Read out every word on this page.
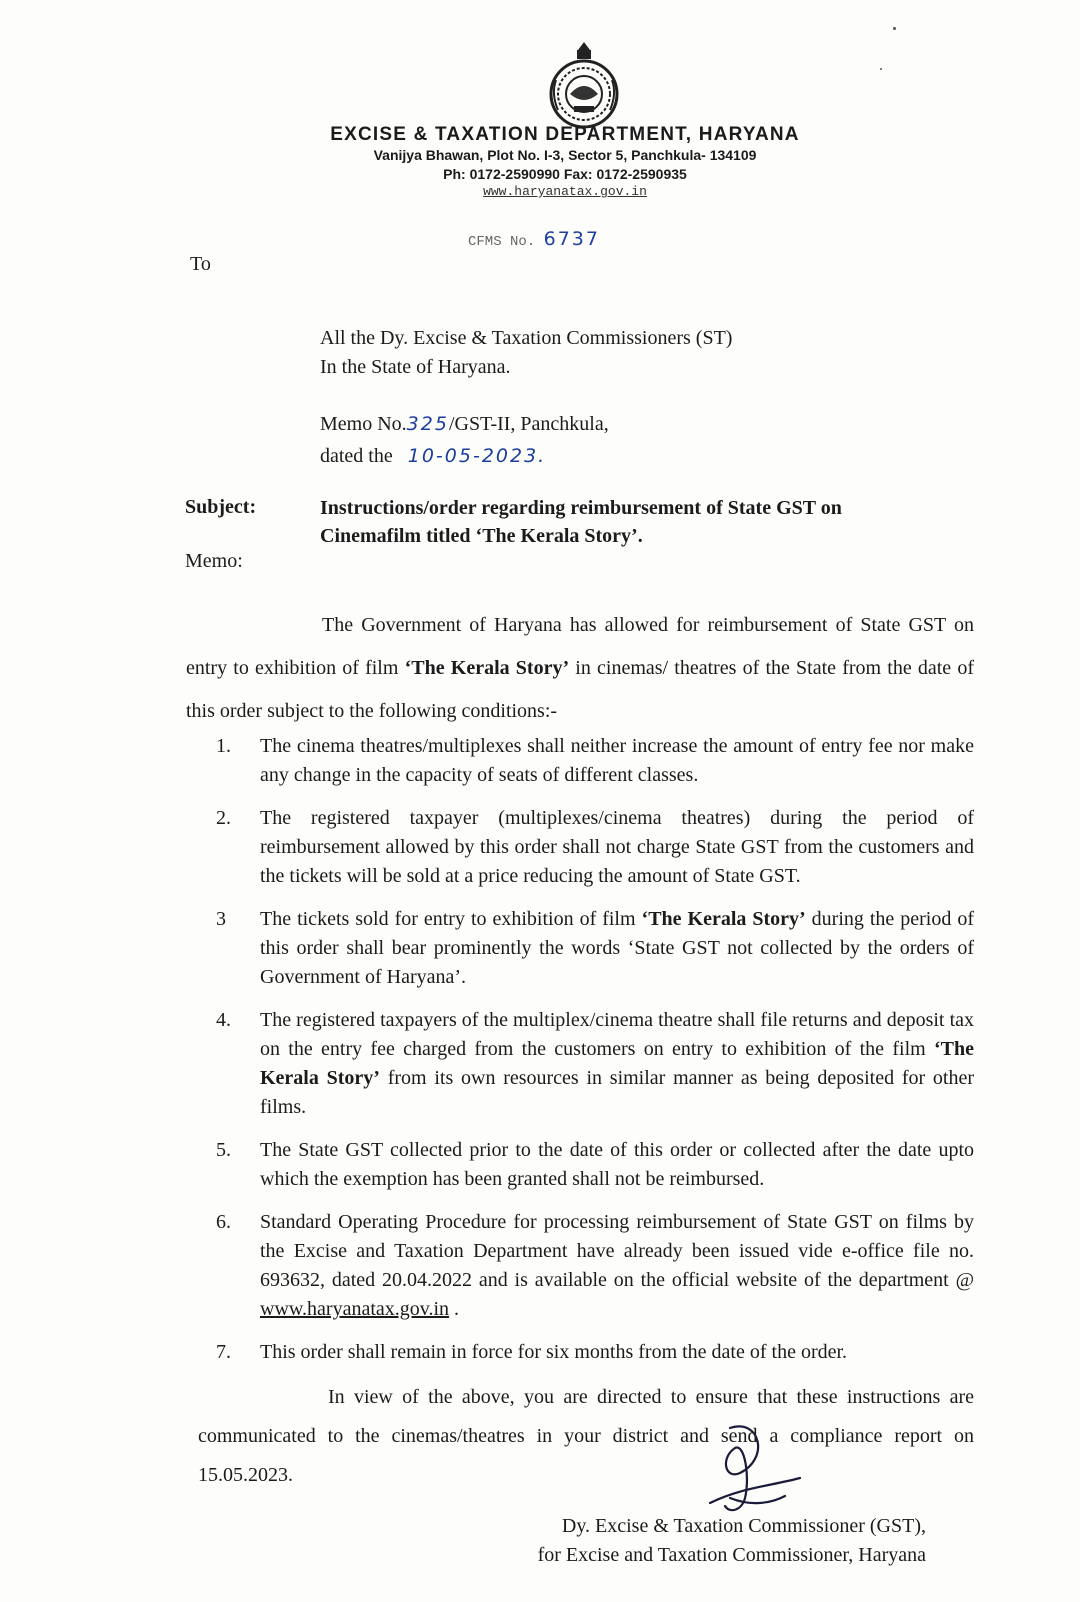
EXCISE & TAXATION DEPARTMENT, HARYANA
Vanijya Bhawan, Plot No. I-3, Sector 5, Panchkula- 134109
Ph: 0172-2590990 Fax: 0172-2590935
www.haryanatax.gov.in
CFMS No. 6737
To
All the Dy. Excise & Taxation Commissioners (ST)
In the State of Haryana.
Memo No.325/GST-II, Panchkula,
dated the 10-05-2023.
Subject:	Instructions/order regarding reimbursement of State GST on
Cinemafilm titled ‘The Kerala Story’.
Memo:
The Government of Haryana has allowed for reimbursement of State GST on entry to exhibition of film ‘The Kerala Story’ in cinemas/ theatres of the State from the date of this order subject to the following conditions:-
1. The cinema theatres/multiplexes shall neither increase the amount of entry fee nor make any change in the capacity of seats of different classes.
2. The registered taxpayer (multiplexes/cinema theatres) during the period of reimbursement allowed by this order shall not charge State GST from the customers and the tickets will be sold at a price reducing the amount of State GST.
3 The tickets sold for entry to exhibition of film ‘The Kerala Story’ during the period of this order shall bear prominently the words ‘State GST not collected by the orders of Government of Haryana’.
4. The registered taxpayers of the multiplex/cinema theatre shall file returns and deposit tax on the entry fee charged from the customers on entry to exhibition of the film ‘The Kerala Story’ from its own resources in similar manner as being deposited for other films.
5. The State GST collected prior to the date of this order or collected after the date upto which the exemption has been granted shall not be reimbursed.
6. Standard Operating Procedure for processing reimbursement of State GST on films by the Excise and Taxation Department have already been issued vide e-office file no. 693632, dated 20.04.2022 and is available on the official website of the department @ www.haryanatax.gov.in .
7. This order shall remain in force for six months from the date of the order.
In view of the above, you are directed to ensure that these instructions are communicated to the cinemas/theatres in your district and send a compliance report on 15.05.2023.
Dy. Excise & Taxation Commissioner (GST),
for Excise and Taxation Commissioner, Haryana
